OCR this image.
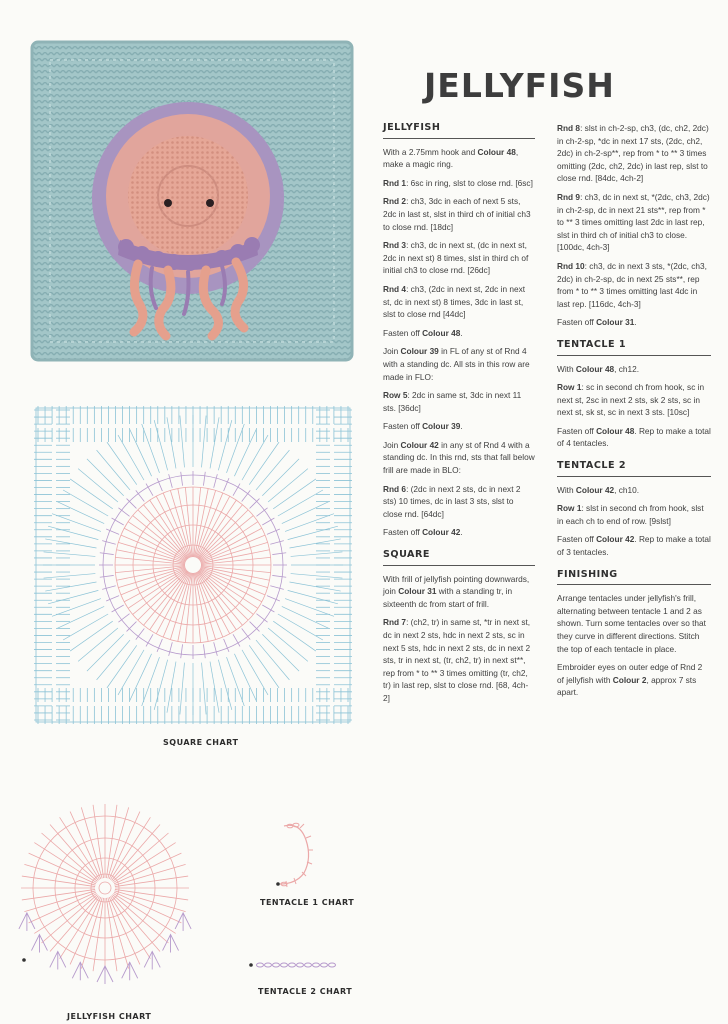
JELLYFISH
JELLYFISH

With a 2.75mm hook and Colour 48, make a magic ring.

Rnd 1: 6sc in ring, slst to close rnd. [6sc]

Rnd 2: ch3, 3dc in each of next 5 sts, 2dc in last st, slst in third ch of initial ch3 to close rnd. [18dc]

Rnd 3: ch3, dc in next st, (dc in next st, 2dc in next st) 8 times, slst in third ch of initial ch3 to close rnd. [26dc]

Rnd 4: ch3, (2dc in next st, 2dc in next st, dc in next st) 8 times, 3dc in last st, slst to close rnd [44dc]

Fasten off Colour 48.

Join Colour 39 in FL of any st of Rnd 4 with a standing dc. All sts in this row are made in FLO:

Row 5: 2dc in same st, 3dc in next 11 sts. [36dc]

Fasten off Colour 39.

Join Colour 42 in any st of Rnd 4 with a standing dc. In this rnd, sts that fall below frill are made in BLO:

Rnd 6: (2dc in next 2 sts, dc in next 2 sts) 10 times, dc in last 3 sts, slst to close rnd. [64dc]

Fasten off Colour 42.

SQUARE

With frill of jellyfish pointing downwards, join Colour 31 with a standing tr, in sixteenth dc from start of frill.

Rnd 7: (ch2, tr) in same st, *tr in next st, dc in next 2 sts, hdc in next 2 sts, sc in next 5 sts, hdc in next 2 sts, dc in next 2 sts, tr in next st, (tr, ch2, tr) in next st**, rep from * to ** 3 times omitting (tr, ch2, tr) in last rep, slst to close rnd. [68, 4ch-2]

Rnd 8: slst in ch-2-sp, ch3, (dc, ch2, 2dc) in ch-2-sp, *dc in next 17 sts, (2dc, ch2, 2dc) in ch-2-sp**, rep from * to ** 3 times omitting (2dc, ch2, 2dc) in last rep, slst to close rnd. [84dc, 4ch-2]

Rnd 9: ch3, dc in next st, *(2dc, ch3, 2dc) in ch-2-sp, dc in next 21 sts**, rep from * to ** 3 times omitting last 2dc in last rep, slst in third ch of initial ch3 to close. [100dc, 4ch-3]

Rnd 10: ch3, dc in next 3 sts, *(2dc, ch3, 2dc) in ch-2-sp, dc in next 25 sts**, rep from * to ** 3 times omitting last 4dc in last rep. [116dc, 4ch-3]

Fasten off Colour 31.

TENTACLE 1

With Colour 48, ch12.

Row 1: sc in second ch from hook, sc in next st, 2sc in next 2 sts, sk 2 sts, sc in next st, sk st, sc in next 3 sts. [10sc]

Fasten off Colour 48. Rep to make a total of 4 tentacles.

TENTACLE 2

With Colour 42, ch10.

Row 1: slst in second ch from hook, slst in each ch to end of row. [9slst]

Fasten off Colour 42. Rep to make a total of 3 tentacles.

FINISHING

Arrange tentacles under jellyfish's frill, alternating between tentacle 1 and 2 as shown. Turn some tentacles over so that they curve in different directions. Stitch the top of each tentacle in place.

Embroider eyes on outer edge of Rnd 2 of jellyfish with Colour 2, approx 7 sts apart.

SQUARE CHART
JELLYFISH CHART
TENTACLE 1 CHART
TENTACLE 2 CHART
